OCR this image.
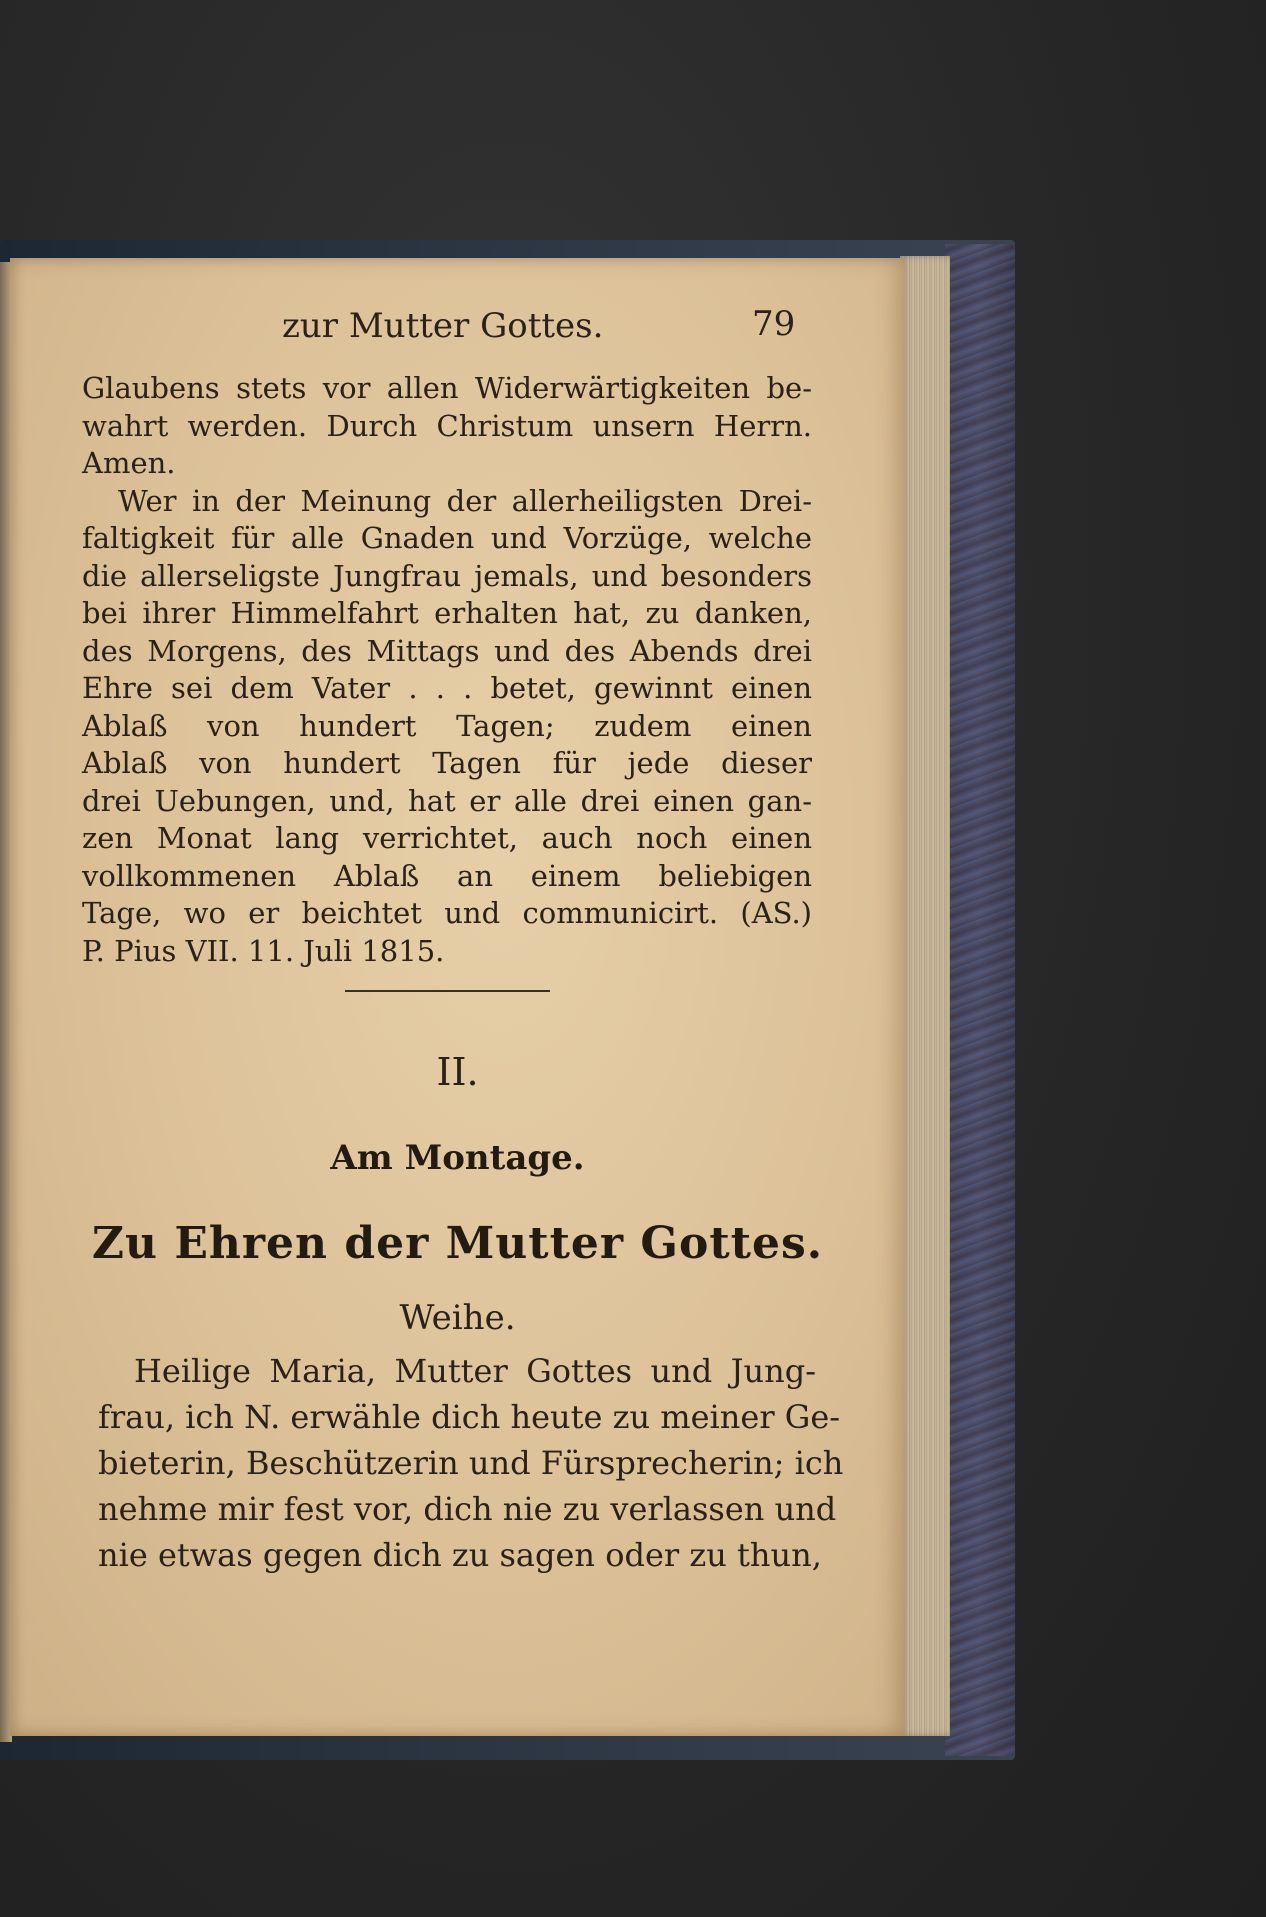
zur Mutter Gottes.	79
Glaubens stets vor allen Widerwärtigkeiten be-
wahrt werden. Durch Christum unsern Herrn.
Amen.
Wer in der Meinung der allerheiligsten Drei-
faltigkeit für alle Gnaden und Vorzüge, welche
die allerseligste Jungfrau jemals, und besonders
bei ihrer Himmelfahrt erhalten hat, zu danken,
des Morgens, des Mittags und des Abends drei
Ehre sei dem Vater . . . betet, gewinnt einen
Ablaß von hundert Tagen; zudem einen
Ablaß von hundert Tagen für jede dieser
drei Uebungen, und, hat er alle drei einen gan-
zen Monat lang verrichtet, auch noch einen
vollkommenen Ablaß an einem beliebigen
Tage, wo er beichtet und communicirt. (AS.)
P. Pius VII. 11. Juli 1815.
II.
Am Montage.
Zu Ehren der Mutter Gottes.
Weihe.
Heilige Maria, Mutter Gottes und Jung-
frau, ich N. erwähle dich heute zu meiner Ge-
bieterin, Beschützerin und Fürsprecherin; ich
nehme mir fest vor, dich nie zu verlassen und
nie etwas gegen dich zu sagen oder zu thun,
